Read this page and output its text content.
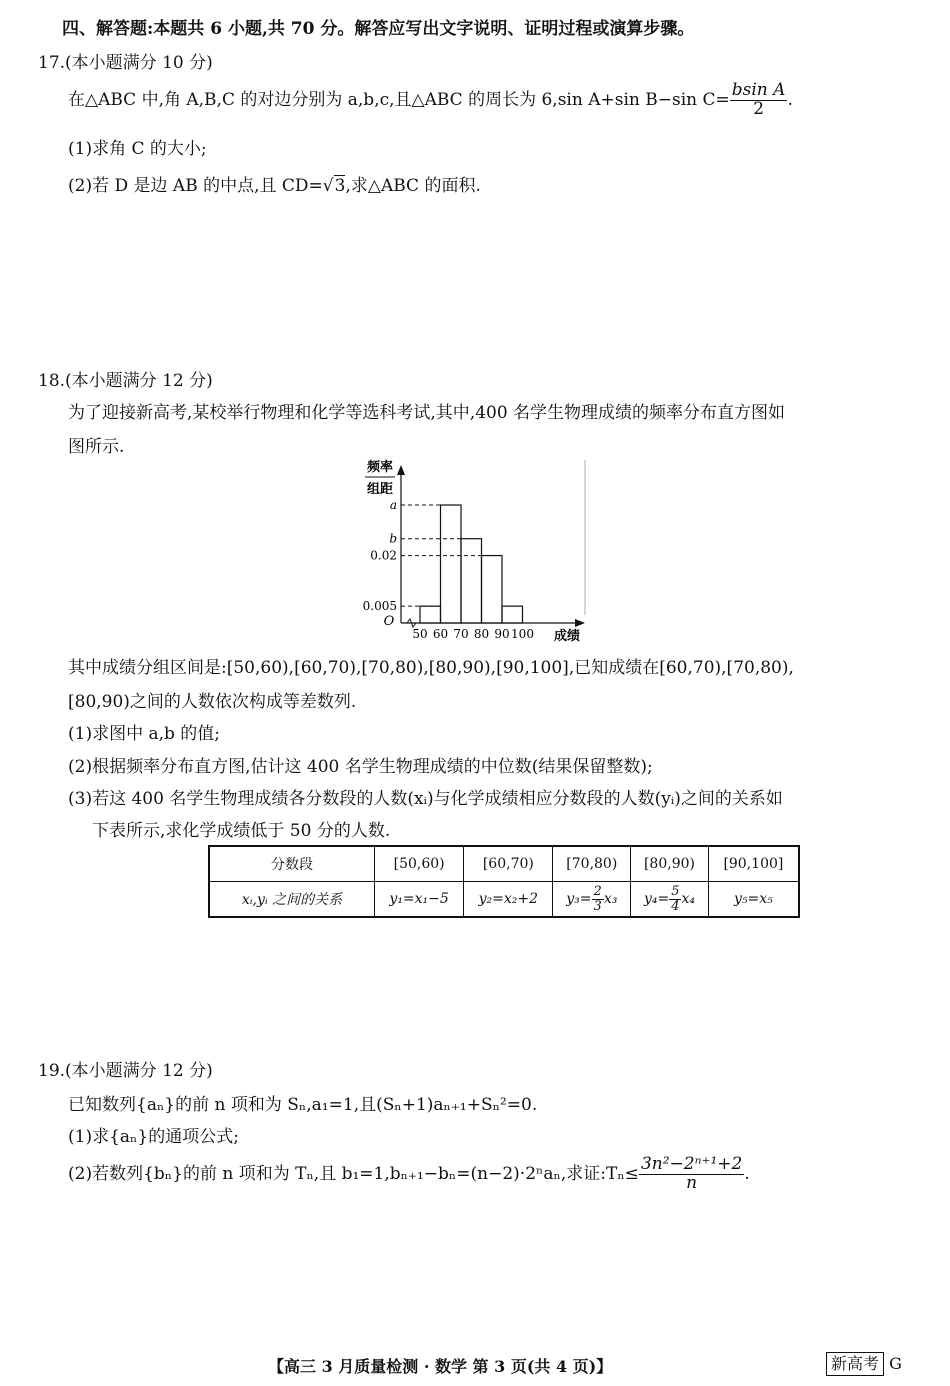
四、解答题:本题共 6 小题,共 70 分。解答应写出文字说明、证明过程或演算步骤。
17.(本小题满分 10 分)
在△ABC 中,角 A,B,C 的对边分别为 a,b,c,且△ABC 的周长为 6,sin A+sin B−sin $C= \frac{\text{bsin A}}{2}$ .
(1)求角 C 的大小;
(2)若 D 是边 AB 的中点,且 CD=√3,求△ABC 的面积.
18.(本小题满分 12 分)
为了迎接新高考,某校举行物理和化学等选科考试,其中,400 名学生物理成绩的频率分布直方图如
图所示.
频率
组距
O
50 60 70 80 90 100 成绩
a
b
0.02
0.005
其中成绩分组区间是:[50,60),[60,70),[70,80),[80,90),[90,100],已知成绩在[60,70),[70,80),
[80,90)之间的人数依次构成等差数列.
(1)求图中 a,b 的值;
(2)根据频率分布直方图,估计这 400 名学生物理成绩的中位数(结果保留整数);
(3)若这 400 名学生物理成绩各分数段的人数(xᵢ)与化学成绩相应分数段的人数(yᵢ)之间的关系如
下表所示,求化学成绩低于 50 分的人数.
分数段	[50,60)	[60,70)	[70,80)	[80,90)	[90,100]
xᵢ,yᵢ 之间的关系	y₁=x₁−5	y₂=x₂+2	$y_3= \frac{2}{3} x_3$	$y_4= \frac{5}{4} x_4$	y₅=x₅
19.(本小题满分 12 分)
已知数列{aₙ}的前 n 项和为 Sₙ,a₁=1,且(Sₙ+1)aₙ₊₁+Sₙ²=0.
(1)求{aₙ}的通项公式;
(2)若数列{bₙ}的前 n 项和为 Tₙ,且 b₁=1,bₙ₊₁−bₙ=(n−2)·2ⁿaₙ,求证:Tₙ≤ $\frac{\text{3n²−2ⁿ⁺¹+2}}{n}$ .
【高三 3 月质量检测 · 数学 第 3 页(共 4 页)】	新高考 G
